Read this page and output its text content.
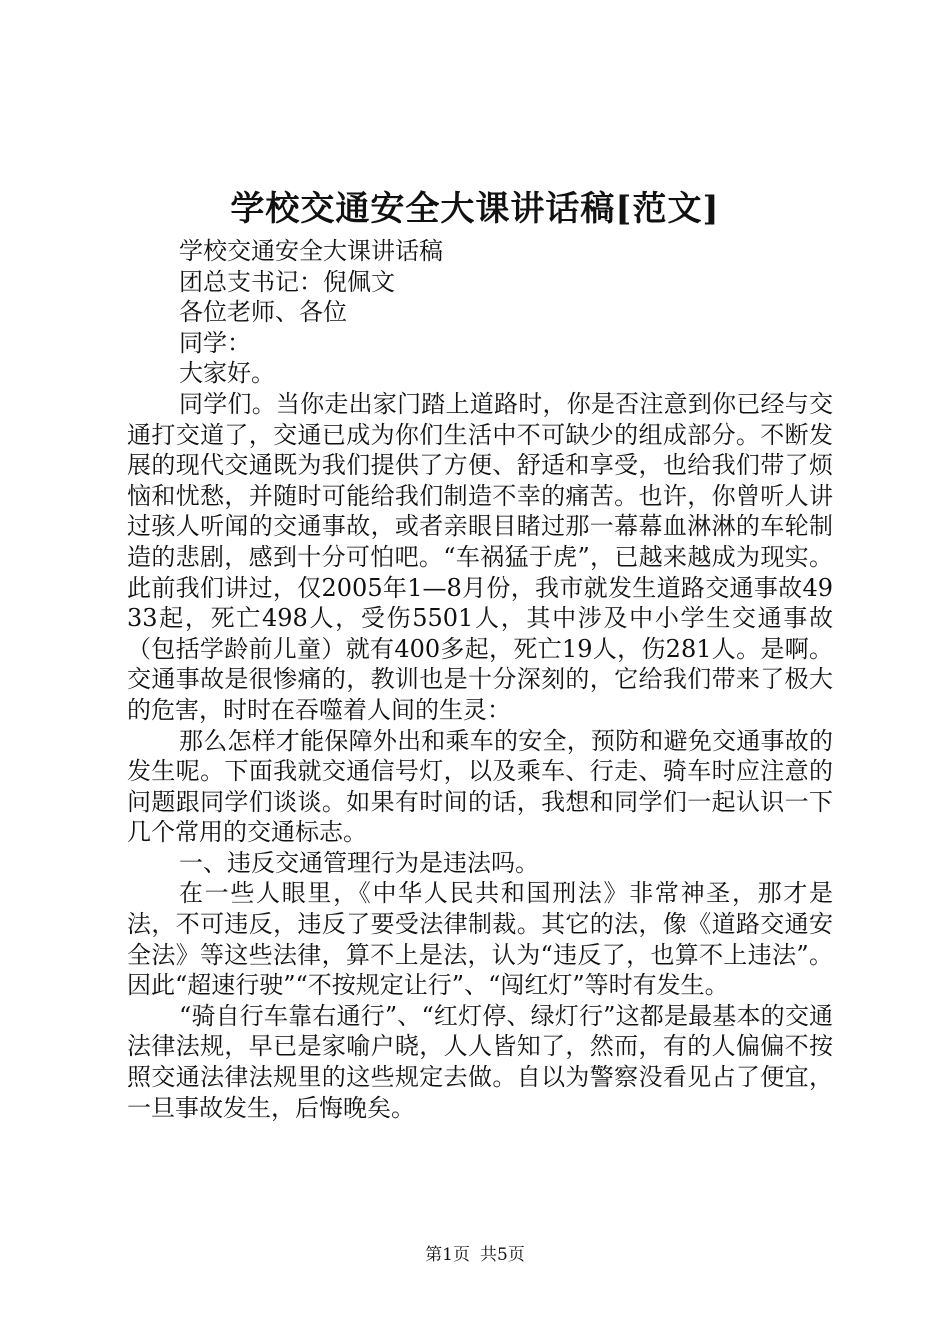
学校交通安全大课讲话稿[范文]

学校交通安全大课讲话稿

团总支书记：倪佩文

各位老师、各位

同学：

大家好。

同学们。当你走出家门踏上道路时，你是否注意到你已经与交通打交道了，交通已成为你们生活中不可缺少的组成部分。不断发展的现代交通既为我们提供了方便、舒适和享受，也给我们带了烦恼和忧愁，并随时可能给我们制造不幸的痛苦。也许，你曾听人讲过骇人听闻的交通事故，或者亲眼目睹过那一幕幕血淋淋的车轮制造的悲剧，感到十分可怕吧。“车祸猛于虎”，已越来越成为现实。此前我们讲过，仅2005年1—8月份，我市就发生道路交通事故4933起，死亡498人，受伤5501人，其中涉及中小学生交通事故（包括学龄前儿童）就有400多起，死亡19人，伤281人。是啊。交通事故是很惨痛的，教训也是十分深刻的，它给我们带来了极大的危害，时时在吞噬着人间的生灵：

那么怎样才能保障外出和乘车的安全，预防和避免交通事故的发生呢。下面我就交通信号灯，以及乘车、行走、骑车时应注意的问题跟同学们谈谈。如果有时间的话，我想和同学们一起认识一下几个常用的交通标志。

一、违反交通管理行为是违法吗。

在一些人眼里，《中华人民共和国刑法》非常神圣，那才是法，不可违反，违反了要受法律制裁。其它的法，像《道路交通安全法》等这些法律，算不上是法，认为“违反了，也算不上违法”。因此“超速行驶”“不按规定让行”、“闯红灯”等时有发生。

“骑自行车靠右通行”、“红灯停、绿灯行”这都是最基本的交通法律法规，早已是家喻户晓，人人皆知了，然而，有的人偏偏不按照交通法律法规里的这些规定去做。自以为警察没看见占了便宜，一旦事故发生，后悔晚矣。

第1页 共5页
